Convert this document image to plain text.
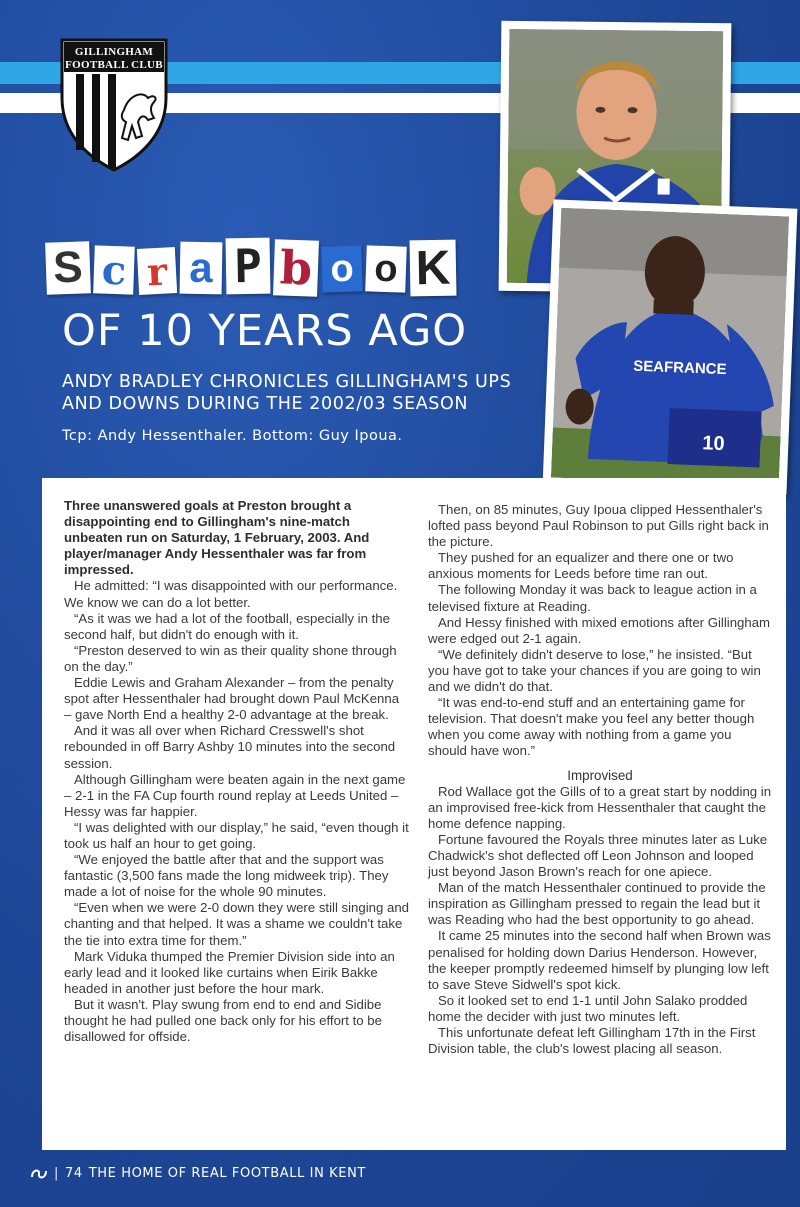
GILLINGHAM
FOOTBALL CLUB
SEAFRANCE
10
S c r a P b o o K
OF 10 YEARS AGO
ANDY BRADLEY CHRONICLES GILLINGHAM'S UPS
AND DOWNS DURING THE 2002/03 SEASON
Tcp: Andy Hessenthaler. Bottom: Guy Ipoua.

Three unanswered goals at Preston brought a disappointing end to Gillingham's nine-match unbeaten run on Saturday, 1 February, 2003. And player/manager Andy Hessenthaler was far from impressed.

He admitted: “I was disappointed with our performance. We know we can do a lot better.

“As it was we had a lot of the football, especially in the second half, but didn't do enough with it.

“Preston deserved to win as their quality shone through on the day.”

Eddie Lewis and Graham Alexander – from the penalty spot after Hessenthaler had brought down Paul McKenna – gave North End a healthy 2-0 advantage at the break.

And it was all over when Richard Cresswell's shot rebounded in off Barry Ashby 10 minutes into the second session.

Although Gillingham were beaten again in the next game – 2-1 in the FA Cup fourth round replay at Leeds United – Hessy was far happier.

“I was delighted with our display,” he said, “even though it took us half an hour to get going.

“We enjoyed the battle after that and the support was fantastic (3,500 fans made the long midweek trip). They made a lot of noise for the whole 90 minutes.

“Even when we were 2-0 down they were still singing and chanting and that helped. It was a shame we couldn't take the tie into extra time for them.”

Mark Viduka thumped the Premier Division side into an early lead and it looked like curtains when Eirik Bakke headed in another just before the hour mark.

But it wasn't. Play swung from end to end and Sidibe thought he had pulled one back only for his effort to be disallowed for offside.

Then, on 85 minutes, Guy Ipoua clipped Hessenthaler's lofted pass beyond Paul Robinson to put Gills right back in the picture.

They pushed for an equalizer and there one or two anxious moments for Leeds before time ran out.

The following Monday it was back to league action in a televised fixture at Reading.

And Hessy finished with mixed emotions after Gillingham were edged out 2-1 again.

“We definitely didn't deserve to lose,” he insisted. “But you have got to take your chances if you are going to win and we didn't do that.

“It was end-to-end stuff and an entertaining game for television. That doesn't make you feel any better though when you come away with nothing from a game you should have won.”

Improvised

Rod Wallace got the Gills of to a great start by nodding in an improvised free-kick from Hessenthaler that caught the home defence napping.

Fortune favoured the Royals three minutes later as Luke Chadwick's shot deflected off Leon Johnson and looped just beyond Jason Brown's reach for one apiece.

Man of the match Hessenthaler continued to provide the inspiration as Gillingham pressed to regain the lead but it was Reading who had the best opportunity to go ahead.

It came 25 minutes into the second half when Brown was penalised for holding down Darius Henderson. However, the keeper promptly redeemed himself by plunging low left to save Steve Sidwell's spot kick.

So it looked set to end 1-1 until John Salako prodded home the decider with just two minutes left.

This unfortunate defeat left Gillingham 17th in the First Division table, the club's lowest placing all season.

| 74 THE HOME OF REAL FOOTBALL IN KENT
